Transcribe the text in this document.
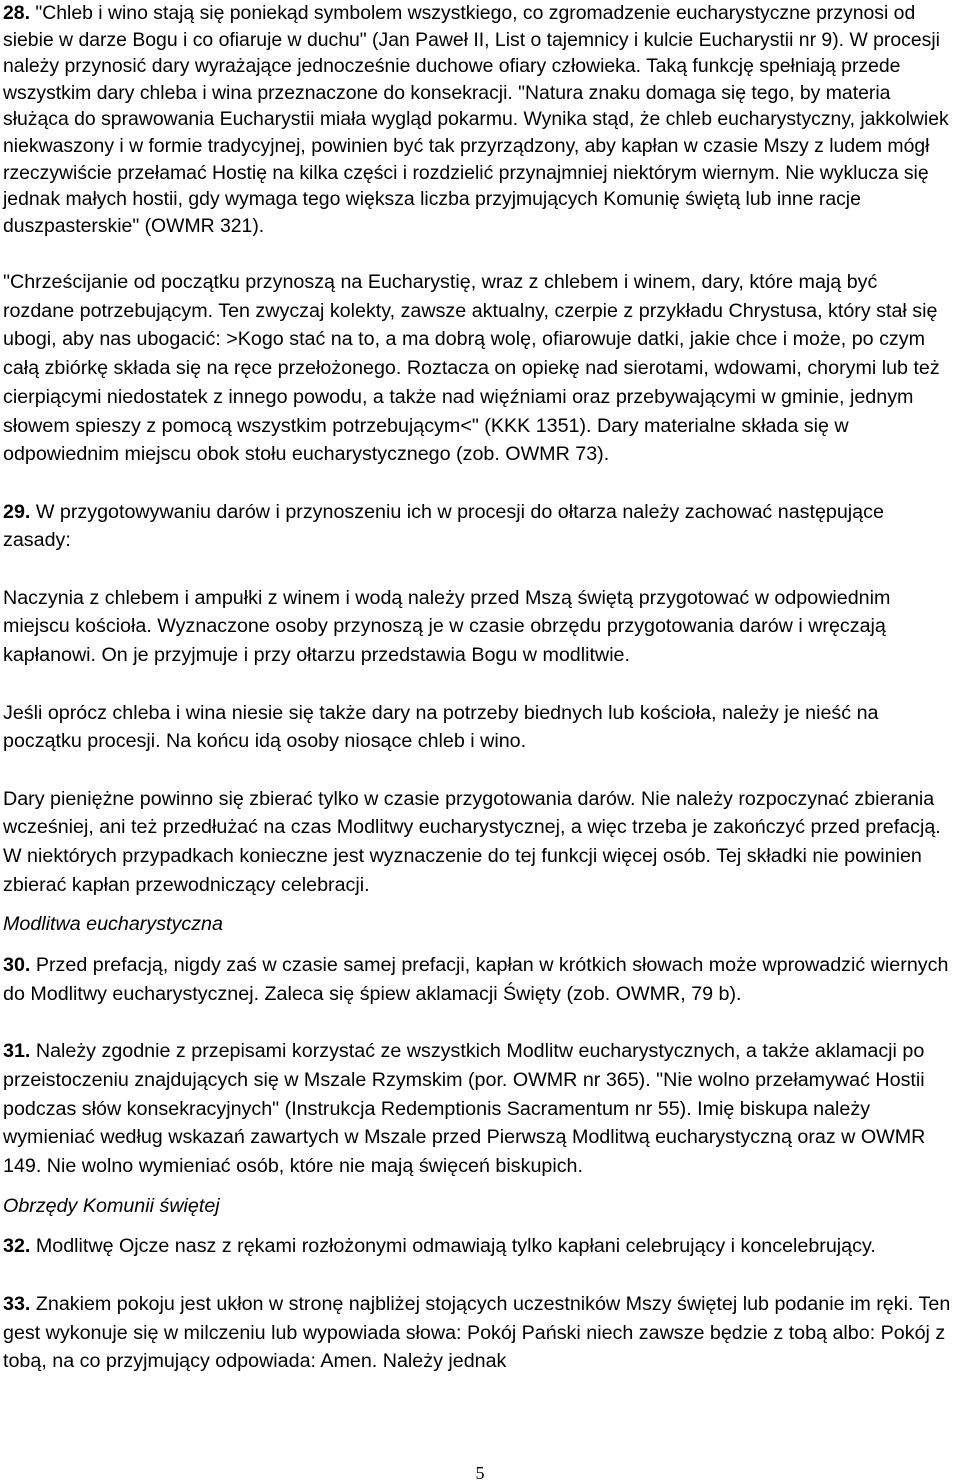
28. "Chleb i wino stają się poniekąd symbolem wszystkiego, co zgromadzenie eucharystyczne przynosi od siebie w darze Bogu i co ofiaruje w duchu" (Jan Paweł II, List o tajemnicy i kulcie Eucharystii nr 9). W procesji należy przynosić dary wyrażające jednocześnie duchowe ofiary człowieka. Taką funkcję spełniają przede wszystkim dary chleba i wina przeznaczone do konsekracji. "Natura znaku domaga się tego, by materia służąca do sprawowania Eucharystii miała wygląd pokarmu. Wynika stąd, że chleb eucharystyczny, jakkolwiek niekwaszony i w formie tradycyjnej, powinien być tak przyrządzony, aby kapłan w czasie Mszy z ludem mógł rzeczywiście przełamać Hostię na kilka części i rozdzielić przynajmniej niektórym wiernym. Nie wyklucza się jednak małych hostii, gdy wymaga tego większa liczba przyjmujących Komunię świętą lub inne racje duszpasterskie" (OWMR 321).

"Chrześcijanie od początku przynoszą na Eucharystię, wraz z chlebem i winem, dary, które mają być rozdane potrzebującym. Ten zwyczaj kolekty, zawsze aktualny, czerpie z przykładu Chrystusa, który stał się ubogi, aby nas ubogacić: >Kogo stać na to, a ma dobrą wolę, ofiarowuje datki, jakie chce i może, po czym całą zbiórkę składa się na ręce przełożonego. Roztacza on opiekę nad sierotami, wdowami, chorymi lub też cierpiącymi niedostatek z innego powodu, a także nad więźniami oraz przebywającymi w gminie, jednym słowem spieszy z pomocą wszystkim potrzebującym<" (KKK 1351). Dary materialne składa się w odpowiednim miejscu obok stołu eucharystycznego (zob. OWMR 73).

29. W przygotowywaniu darów i przynoszeniu ich w procesji do ołtarza należy zachować następujące zasady:

Naczynia z chlebem i ampułki z winem i wodą należy przed Mszą świętą przygotować w odpowiednim miejscu kościoła. Wyznaczone osoby przynoszą je w czasie obrzędu przygotowania darów i wręczają kapłanowi. On je przyjmuje i przy ołtarzu przedstawia Bogu w modlitwie.

Jeśli oprócz chleba i wina niesie się także dary na potrzeby biednych lub kościoła, należy je nieść na początku procesji. Na końcu idą osoby niosące chleb i wino.

Dary pieniężne powinno się zbierać tylko w czasie przygotowania darów. Nie należy rozpoczynać zbierania wcześniej, ani też przedłużać na czas Modlitwy eucharystycznej, a więc trzeba je zakończyć przed prefacją. W niektórych przypadkach konieczne jest wyznaczenie do tej funkcji więcej osób. Tej składki nie powinien zbierać kapłan przewodniczący celebracji.

Modlitwa eucharystyczna

30. Przed prefacją, nigdy zaś w czasie samej prefacji, kapłan w krótkich słowach może wprowadzić wiernych do Modlitwy eucharystycznej. Zaleca się śpiew aklamacji Święty (zob. OWMR, 79 b).

31. Należy zgodnie z przepisami korzystać ze wszystkich Modlitw eucharystycznych, a także aklamacji po przeistoczeniu znajdujących się w Mszale Rzymskim (por. OWMR nr 365). "Nie wolno przełamywać Hostii podczas słów konsekracyjnych" (Instrukcja Redemptionis Sacramentum nr 55). Imię biskupa należy wymieniać według wskazań zawartych w Mszale przed Pierwszą Modlitwą eucharystyczną oraz w OWMR 149. Nie wolno wymieniać osób, które nie mają święceń biskupich.

Obrzędy Komunii świętej

32. Modlitwę Ojcze nasz z rękami rozłożonymi odmawiają tylko kapłani celebrujący i koncelebrujący.

33. Znakiem pokoju jest ukłon w stronę najbliżej stojących uczestników Mszy świętej lub podanie im ręki. Ten gest wykonuje się w milczeniu lub wypowiada słowa: Pokój Pański niech zawsze będzie z tobą albo: Pokój z tobą, na co przyjmujący odpowiada: Amen. Należy jednak

5
